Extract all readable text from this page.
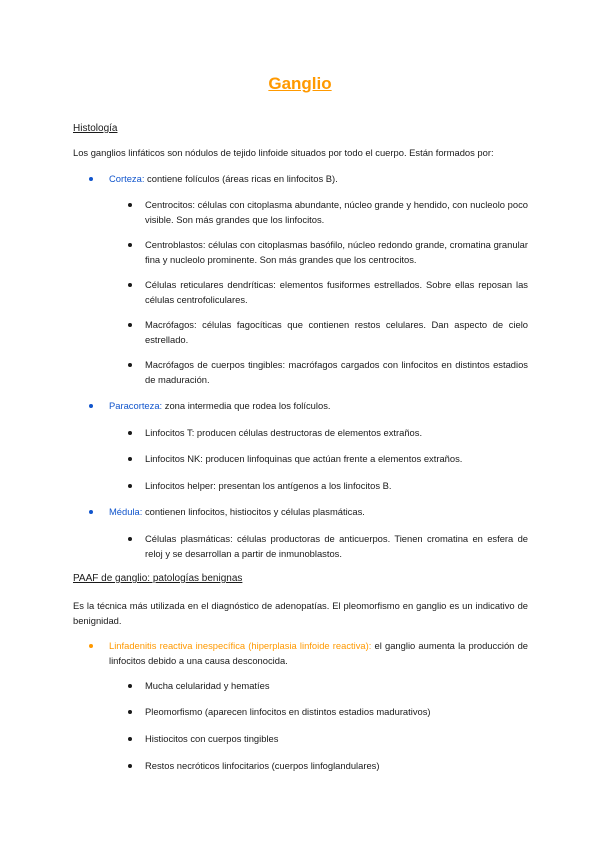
Ganglio
Histología
Los ganglios linfáticos son nódulos de tejido linfoide situados por todo el cuerpo. Están formados por:
Corteza: contiene folículos (áreas ricas en linfocitos B).
Centrocitos: células con citoplasma abundante, núcleo grande y hendido, con nucleolo poco visible. Son más grandes que los linfocitos.
Centroblastos: células con citoplasmas basófilo, núcleo redondo grande, cromatina granular fina y nucleolo prominente. Son más grandes que los centrocitos.
Células reticulares dendríticas: elementos fusiformes estrellados. Sobre ellas reposan las células centrofoliculares.
Macrófagos: células fagocíticas que contienen restos celulares. Dan aspecto de cielo estrellado.
Macrófagos de cuerpos tingibles: macrófagos cargados con linfocitos en distintos estadios de maduración.
Paracorteza: zona intermedia que rodea los folículos.
Linfocitos T: producen células destructoras de elementos extraños.
Linfocitos NK: producen linfoquinas que actúan frente a elementos extraños.
Linfocitos helper: presentan los antígenos a los linfocitos B.
Médula: contienen linfocitos, histiocitos y células plasmáticas.
Células plasmáticas: células productoras de anticuerpos. Tienen cromatina en esfera de reloj y se desarrollan a partir de inmunoblastos.
PAAF de ganglio: patologías benignas
Es la técnica más utilizada en el diagnóstico de adenopatías. El pleomorfismo en ganglio es un indicativo de benignidad.
Linfadenitis reactiva inespecífica (hiperplasia linfoide reactiva): el ganglio aumenta la producción de linfocitos debido a una causa desconocida.
Mucha celularidad y hematíes
Pleomorfismo (aparecen linfocitos en distintos estadios madurativos)
Histiocitos con cuerpos tingibles
Restos necróticos linfocitarios (cuerpos linfoglandulares)
